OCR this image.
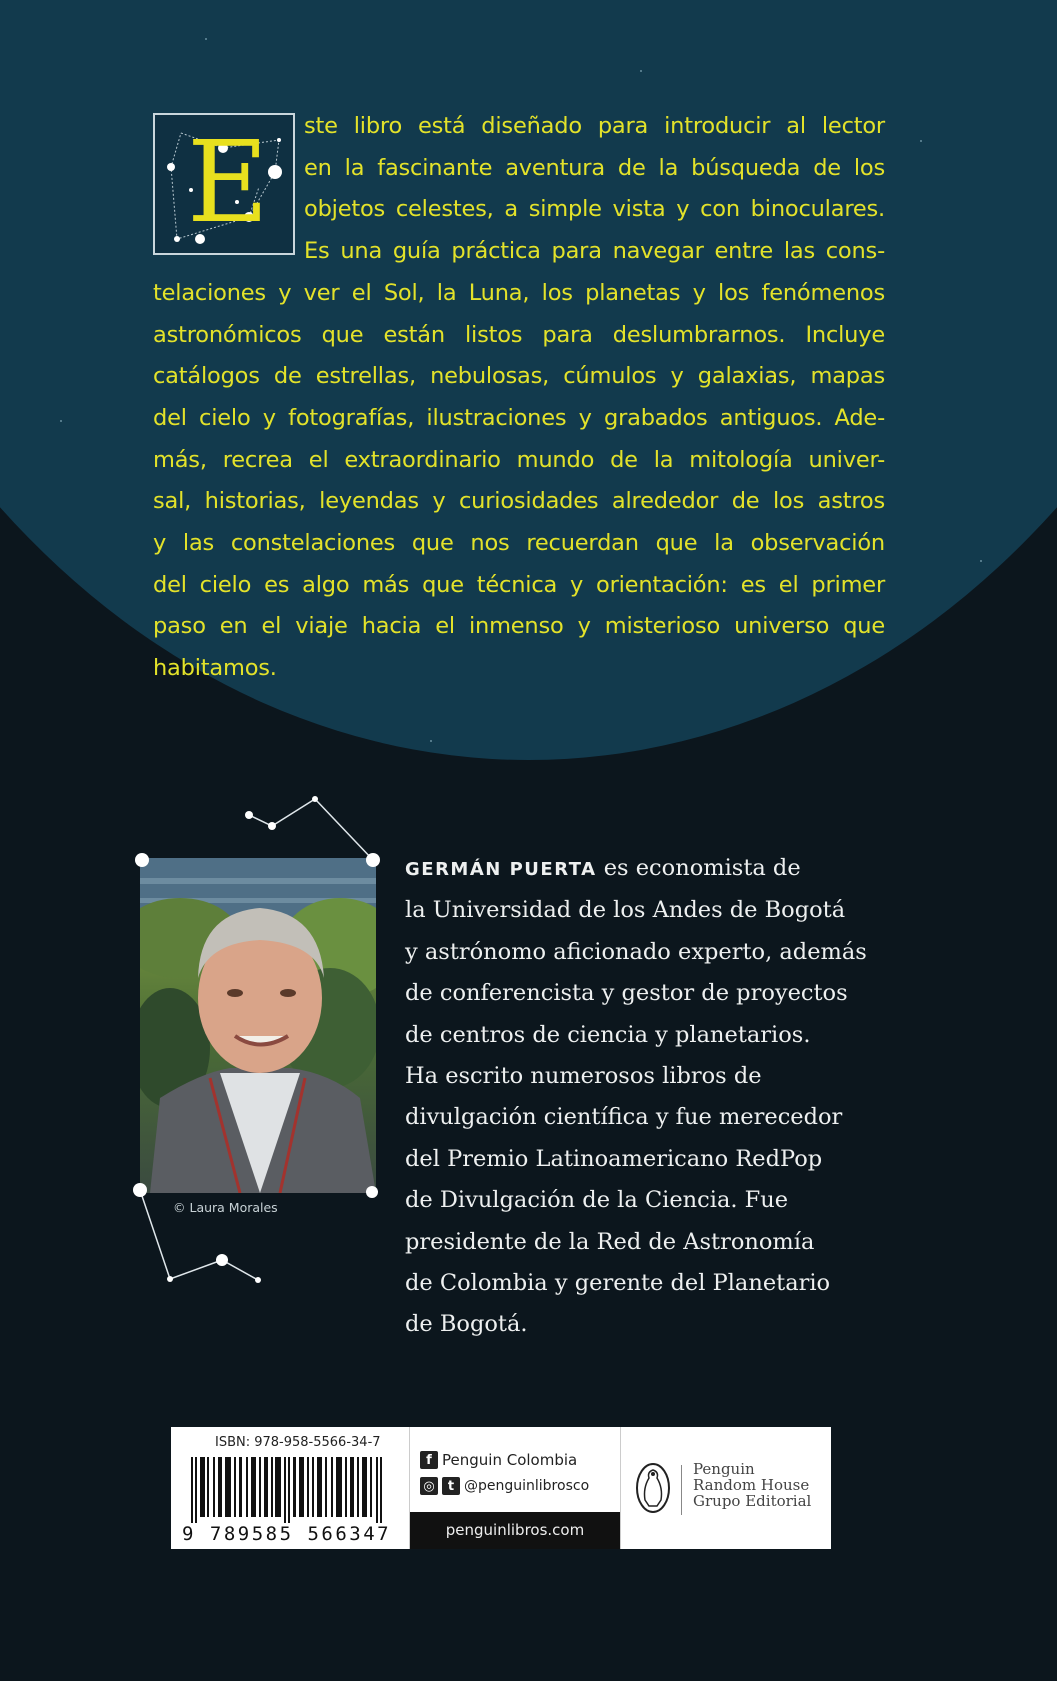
E	ste libro está diseñado para introducir al lector
en la fascinante aventura de la búsqueda de los
objetos celestes, a simple vista y con binoculares.
Es una guía práctica para navegar entre las cons-
telaciones y ver el Sol, la Luna, los planetas y los fenómenos
astronómicos que están listos para deslumbrarnos. Incluye
catálogos de estrellas, nebulosas, cúmulos y galaxias, mapas
del cielo y fotografías, ilustraciones y grabados antiguos. Ade-
más, recrea el extraordinario mundo de la mitología univer-
sal, historias, leyendas y curiosidades alrededor de los astros
y las constelaciones que nos recuerdan que la observación
del cielo es algo más que técnica y orientación: es el primer
paso en el viaje hacia el inmenso y misterioso universo que
habitamos.
© Laura Morales
GERMÁN PUERTA es economista de
la Universidad de los Andes de Bogotá
y astrónomo aficionado experto, además
de conferencista y gestor de proyectos
de centros de ciencia y planetarios.
Ha escrito numerosos libros de
divulgación científica y fue merecedor
del Premio Latinoamericano RedPop
de Divulgación de la Ciencia. Fue
presidente de la Red de Astronomía
de Colombia y gerente del Planetario
de Bogotá.
ISBN: 978-958-5566-34-7
9 789585 566347
f Penguin Colombia
◎	t @penguinlibrosco
penguinlibros.com
Penguin
Random House
Grupo Editorial
